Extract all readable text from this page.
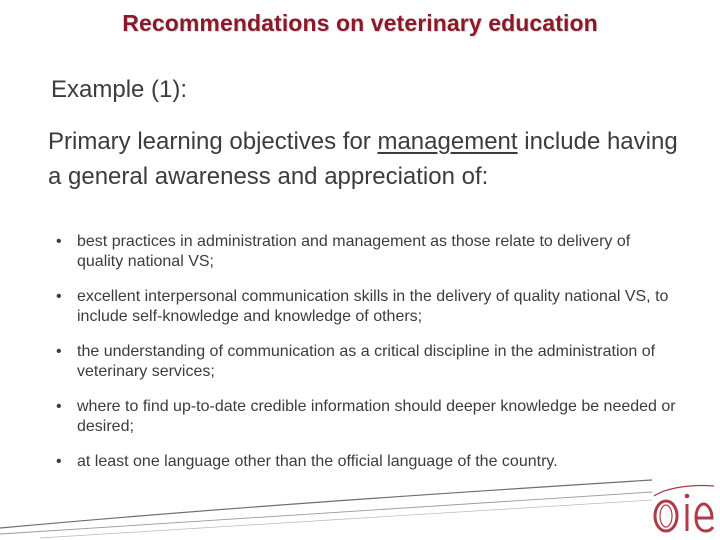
Recommendations on veterinary education
Example (1):
Primary learning objectives for management include having a general awareness and appreciation of:
• best practices in administration and management as those relate to delivery of quality national VS;
• excellent interpersonal communication skills in the delivery of quality national VS, to include self-knowledge and knowledge of others;
• the understanding of communication as a critical discipline in the administration of veterinary services;
• where to find up-to-date credible information should deeper knowledge be needed or desired;
• at least one language other than the official language of the country.
